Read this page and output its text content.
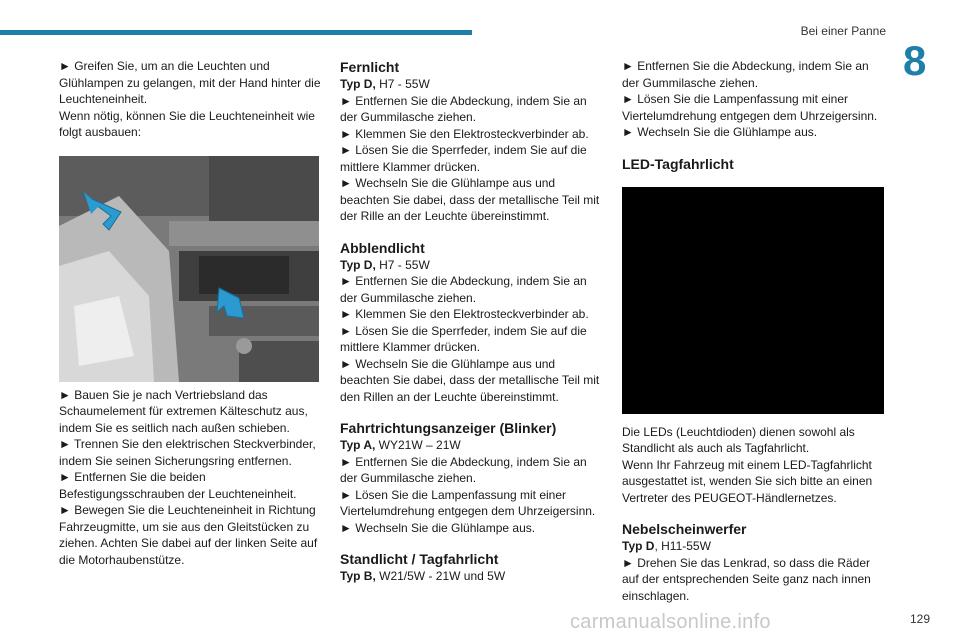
Bei einer Panne
8

► Greifen Sie, um an die Leuchten und Glühlampen zu gelangen, mit der Hand hinter die Leuchteneinheit.

Wenn nötig, können Sie die Leuchteneinheit wie folgt ausbauen:

► Bauen Sie je nach Vertriebsland das Schaumelement für extremen Kälteschutz aus, indem Sie es seitlich nach außen schieben.

► Trennen Sie den elektrischen Steckverbinder, indem Sie seinen Sicherungsring entfernen.

► Entfernen Sie die beiden Befestigungsschrauben der Leuchteneinheit.

► Bewegen Sie die Leuchteneinheit in Richtung Fahrzeugmitte, um sie aus den Gleitstücken zu ziehen. Achten Sie dabei auf der linken Seite auf die Motorhaubenstütze.

Fernlicht

Typ D, H7 - 55W

► Entfernen Sie die Abdeckung, indem Sie an der Gummilasche ziehen.

► Klemmen Sie den Elektrosteckverbinder ab.

► Lösen Sie die Sperrfeder, indem Sie auf die mittlere Klammer drücken.

► Wechseln Sie die Glühlampe aus und beachten Sie dabei, dass der metallische Teil mit der Rille an der Leuchte übereinstimmt.

Abblendlicht

Typ D, H7 - 55W

► Entfernen Sie die Abdeckung, indem Sie an der Gummilasche ziehen.

► Klemmen Sie den Elektrosteckverbinder ab.

► Lösen Sie die Sperrfeder, indem Sie auf die mittlere Klammer drücken.

► Wechseln Sie die Glühlampe aus und beachten Sie dabei, dass der metallische Teil mit den Rillen an der Leuchte übereinstimmt.

Fahrtrichtungsanzeiger (Blinker)

Typ A, WY21W – 21W

► Entfernen Sie die Abdeckung, indem Sie an der Gummilasche ziehen.

► Lösen Sie die Lampenfassung mit einer Viertelumdrehung entgegen dem Uhrzeigersinn.

► Wechseln Sie die Glühlampe aus.

Standlicht / Tagfahrlicht

Typ B, W21/5W - 21W und 5W

► Entfernen Sie die Abdeckung, indem Sie an der Gummilasche ziehen.

► Lösen Sie die Lampenfassung mit einer Viertelumdrehung entgegen dem Uhrzeigersinn.

► Wechseln Sie die Glühlampe aus.

LED-Tagfahrlicht

Die LEDs (Leuchtdioden) dienen sowohl als Standlicht als auch als Tagfahrlicht.

Wenn Ihr Fahrzeug mit einem LED-Tagfahrlicht ausgestattet ist, wenden Sie sich bitte an einen Vertreter des PEUGEOT-Händlernetzes.

Nebelscheinwerfer

Typ D, H11-55W

► Drehen Sie das Lenkrad, so dass die Räder auf der entsprechenden Seite ganz nach innen einschlagen.

carmanualsonline.info	129
